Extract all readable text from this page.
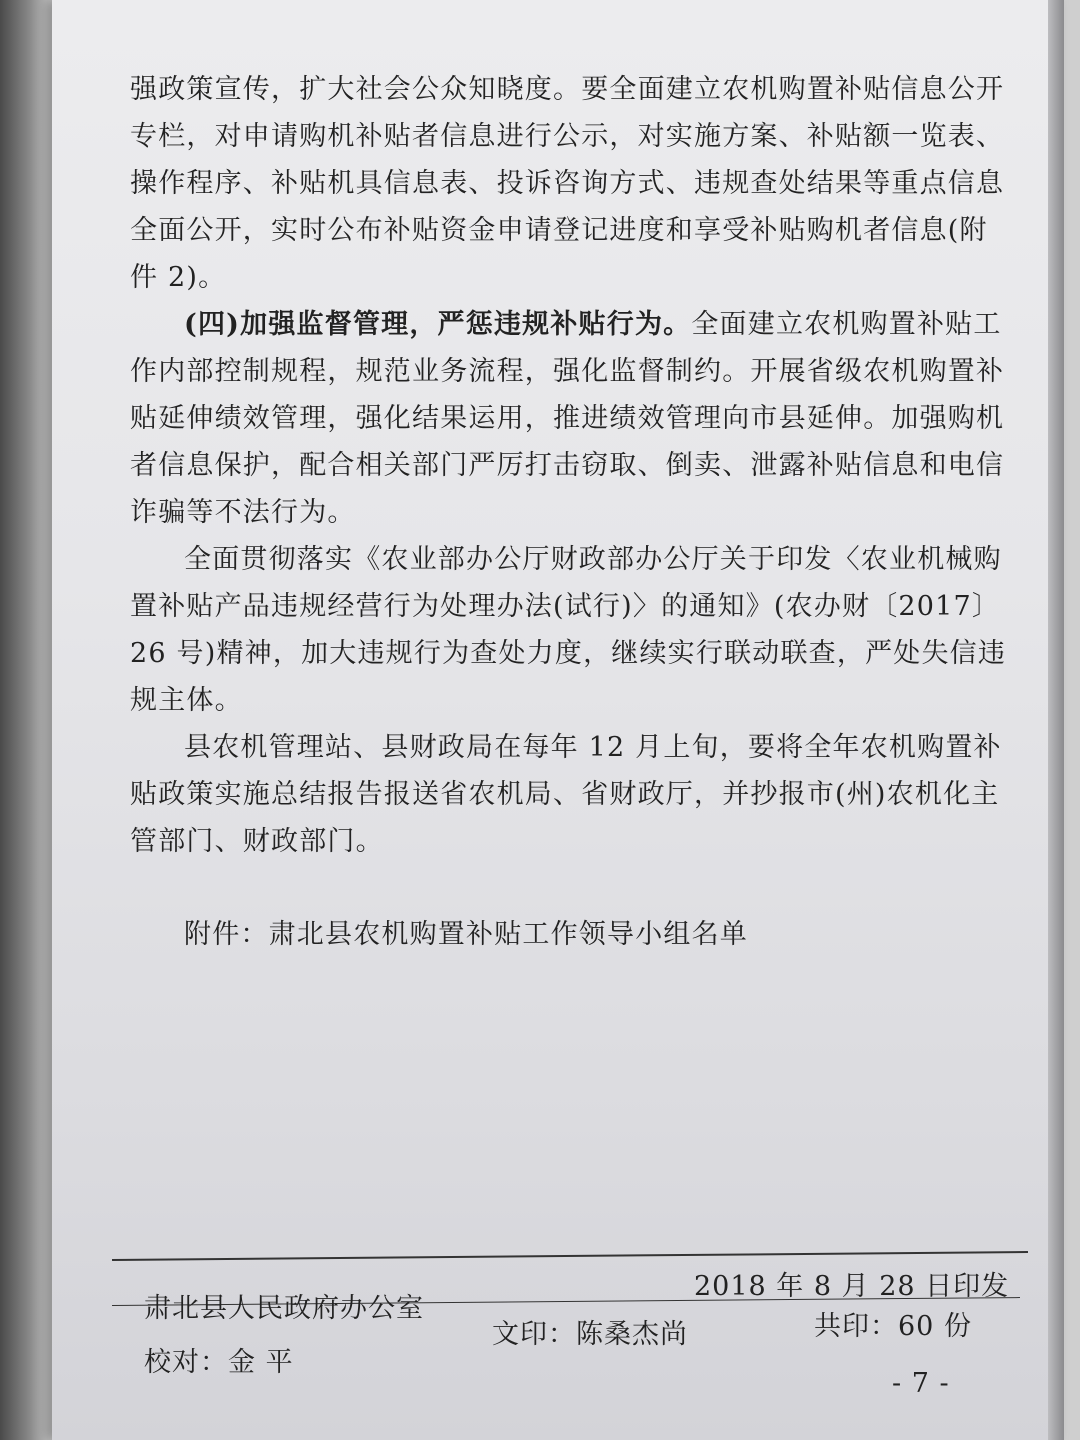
强政策宣传，扩大社会公众知晓度。要全面建立农机购置补贴信息公开专栏，对申请购机补贴者信息进行公示，对实施方案、补贴额一览表、操作程序、补贴机具信息表、投诉咨询方式、违规查处结果等重点信息全面公开，实时公布补贴资金申请登记进度和享受补贴购机者信息(附件 2)。

(四)加强监督管理，严惩违规补贴行为。全面建立农机购置补贴工作内部控制规程，规范业务流程，强化监督制约。开展省级农机购置补贴延伸绩效管理，强化结果运用，推进绩效管理向市县延伸。加强购机者信息保护，配合相关部门严厉打击窃取、倒卖、泄露补贴信息和电信诈骗等不法行为。

全面贯彻落实《农业部办公厅财政部办公厅关于印发〈农业机械购置补贴产品违规经营行为处理办法(试行)〉的通知》(农办财〔2017〕26 号)精神，加大违规行为查处力度，继续实行联动联查，严处失信违规主体。

县农机管理站、县财政局在每年 12 月上旬，要将全年农机购置补贴政策实施总结报告报送省农机局、省财政厅，并抄报市(州)农机化主管部门、财政部门。

附件：肃北县农机购置补贴工作领导小组名单

2018 年 8 月 28 日印发
肃北县人民政府办公室
文印：陈桑杰尚	共印：60 份
校对：金 平
- 7 -
